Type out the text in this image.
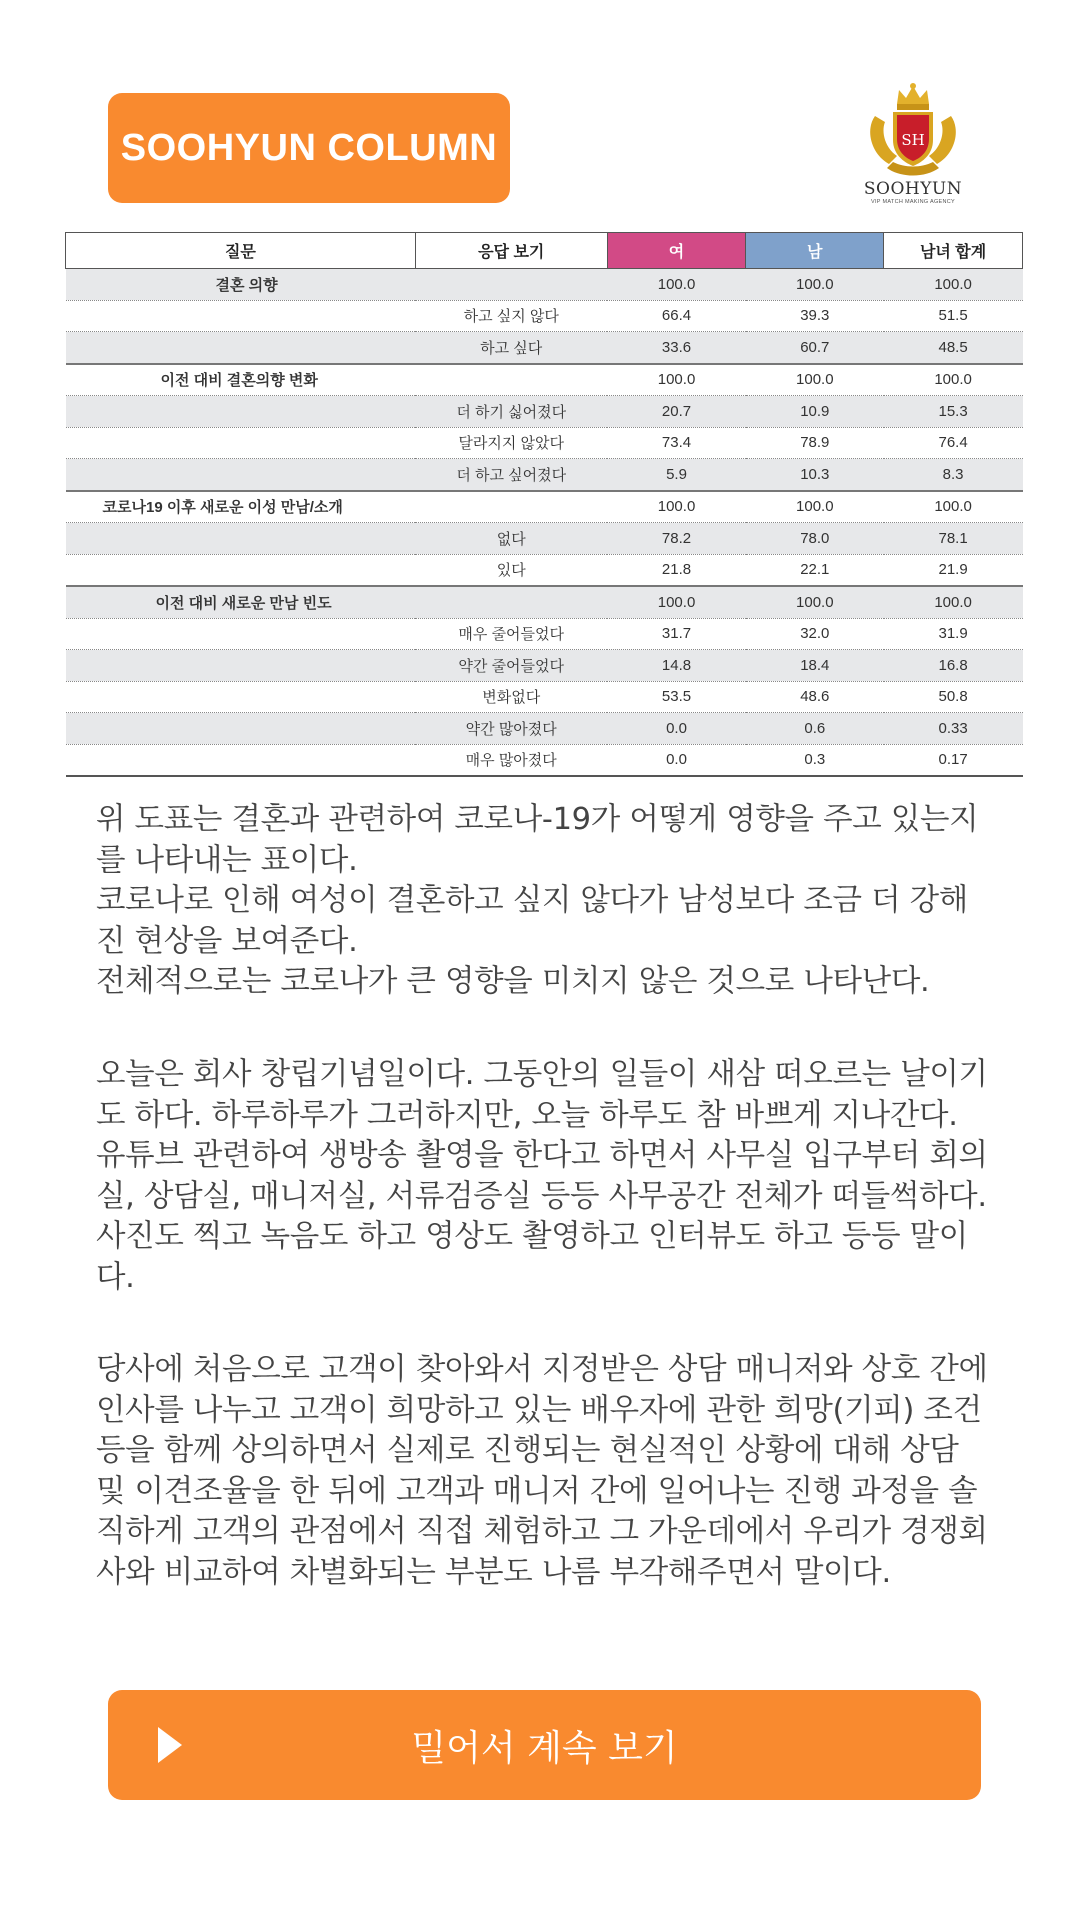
SOOHYUN COLUMN	SH
SOOHYUN
VIP MATCH MAKING AGENCY
질문	응답 보기	여	남	남녀 합계
결혼 의향		100.0	100.0	100.0
	하고 싶지 않다	66.4	39.3	51.5
	하고 싶다	33.6	60.7	48.5
이전 대비 결혼의향 변화		100.0	100.0	100.0
	더 하기 싫어졌다	20.7	10.9	15.3
	달라지지 않았다	73.4	78.9	76.4
	더 하고 싶어졌다	5.9	10.3	8.3
코로나19 이후 새로운 이성 만남/소개		100.0	100.0	100.0
	없다	78.2	78.0	78.1
	있다	21.8	22.1	21.9
이전 대비 새로운 만남 빈도		100.0	100.0	100.0
	매우 줄어들었다	31.7	32.0	31.9
	약간 줄어들었다	14.8	18.4	16.8
	변화없다	53.5	48.6	50.8
	약간 많아졌다	0.0	0.6	0.33
	매우 많아졌다	0.0	0.3	0.17

위 도표는 결혼과 관련하여 코로나-19가 어떻게 영향을 주고 있는지를 나타내는 표이다.
코로나로 인해 여성이 결혼하고 싶지 않다가 남성보다 조금 더 강해진 현상을 보여준다.
전체적으로는 코로나가 큰 영향을 미치지 않은 것으로 나타난다.

오늘은 회사 창립기념일이다. 그동안의 일들이 새삼 떠오르는 날이기도 하다. 하루하루가 그러하지만, 오늘 하루도 참 바쁘게 지나간다. 유튜브 관련하여 생방송 촬영을 한다고 하면서 사무실 입구부터 회의실, 상담실, 매니저실, 서류검증실 등등 사무공간 전체가 떠들썩하다. 사진도 찍고 녹음도 하고 영상도 촬영하고 인터뷰도 하고 등등 말이다.

당사에 처음으로 고객이 찾아와서 지정받은 상담 매니저와 상호 간에 인사를 나누고 고객이 희망하고 있는 배우자에 관한 희망(기피) 조건 등을 함께 상의하면서 실제로 진행되는 현실적인 상황에 대해 상담 및 이견조율을 한 뒤에 고객과 매니저 간에 일어나는 진행 과정을 솔직하게 고객의 관점에서 직접 체험하고 그 가운데에서 우리가 경쟁회사와 비교하여 차별화되는 부분도 나름 부각해주면서 말이다.

밀어서 계속 보기
